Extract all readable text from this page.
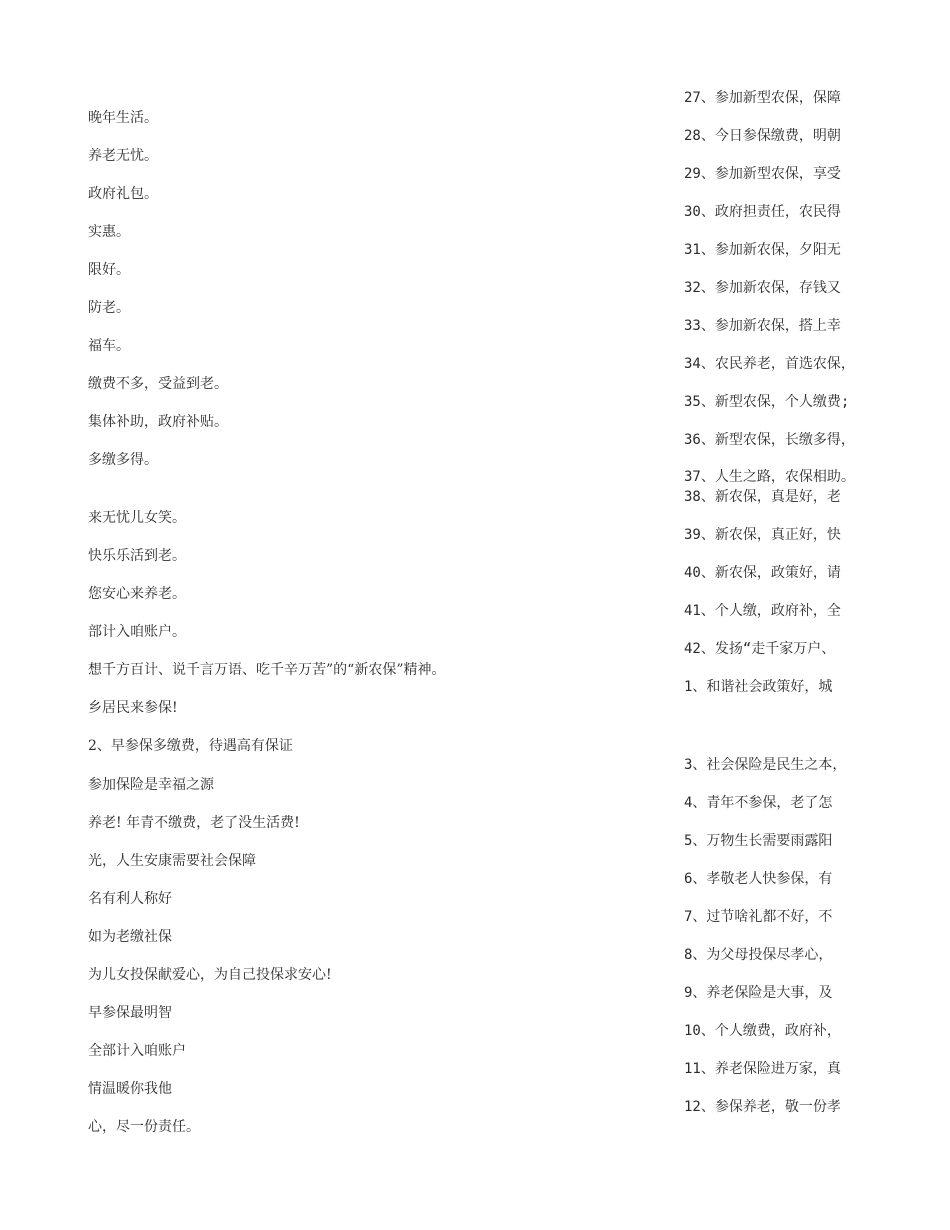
晚年生活。
养老无忧。
政府礼包。
实惠。
限好。
防老。
福车。
缴费不多，受益到老。
集体补助，政府补贴。
多缴多得。
来无忧儿女笑。
快乐乐活到老。
您安心来养老。
部计入咱账户。
想千方百计、说千言万语、吃千辛万苦”的“新农保”精神。
乡居民来参保!
2、早参保多缴费，待遇高有保证
参加保险是幸福之源
养老! 年青不缴费，老了没生活费!
光，人生安康需要社会保障
名有利人称好
如为老缴社保
为儿女投保献爱心，为自己投保求安心!
早参保最明智
全部计入咱账户
情温暖你我他
心，尽一份责任。
27、参加新型农保，保障
28、今日参保缴费，明朝
29、参加新型农保，享受
30、政府担责任，农民得
31、参加新农保，夕阳无
32、参加新农保，存钱又
33、参加新农保，搭上幸
34、农民养老，首选农保，
35、新型农保，个人缴费;
36、新型农保，长缴多得，
37、人生之路，农保相助。
38、新农保，真是好，老
39、新农保，真正好，快
40、新农保，政策好，请
41、个人缴，政府补，全
42、发扬“走千家万户、
1、和谐社会政策好，城
3、社会保险是民生之本，
4、青年不参保，老了怎
5、万物生长需要雨露阳
6、孝敬老人快参保，有
7、过节啥礼都不好，不
8、为父母投保尽孝心，
9、养老保险是大事，及
10、个人缴费，政府补，
11、养老保险进万家，真
12、参保养老，敬一份孝
